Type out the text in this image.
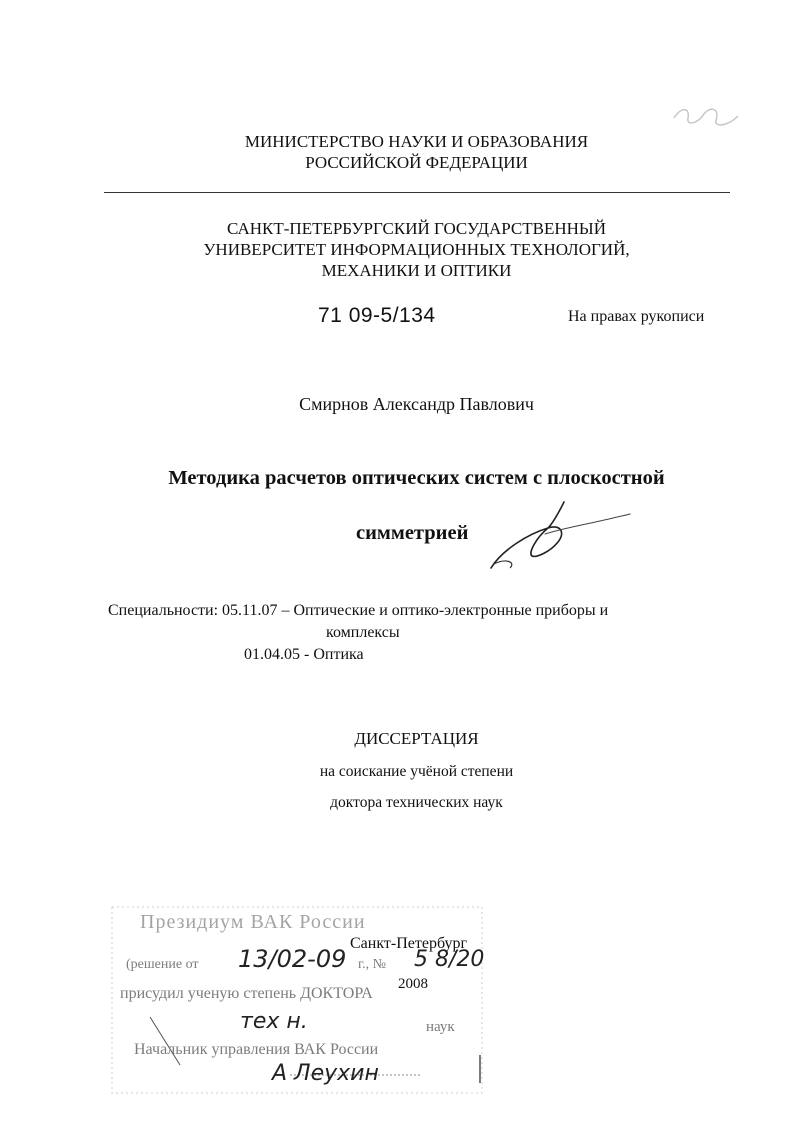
МИНИСТЕРСТВО НАУКИ И ОБРАЗОВАНИЯ
РОССИЙСКОЙ ФЕДЕРАЦИИ
САНКТ-ПЕТЕРБУРГСКИЙ ГОСУДАРСТВЕННЫЙ
УНИВЕРСИТЕТ ИНФОРМАЦИОННЫХ ТЕХНОЛОГИЙ,
МЕХАНИКИ И ОПТИКИ
71 09-5/134	На правах рукописи
Смирнов Александр Павлович
Методика расчетов оптических систем с плоскостной
симметрией
Специальности: 05.11.07 – Оптические и оптико-электронные приборы и
комплексы
01.04.05 - Оптика
ДИССЕРТАЦИЯ
на соискание учёной степени
доктора технических наук
Президиум ВАК России
(решение от 13/02-09 г., № 5 8/20
присудил ученую степень ДОКТОРА
тех н.	наук
Начальник управления ВАК России
А Леухин
Санкт-Петербург
2008
